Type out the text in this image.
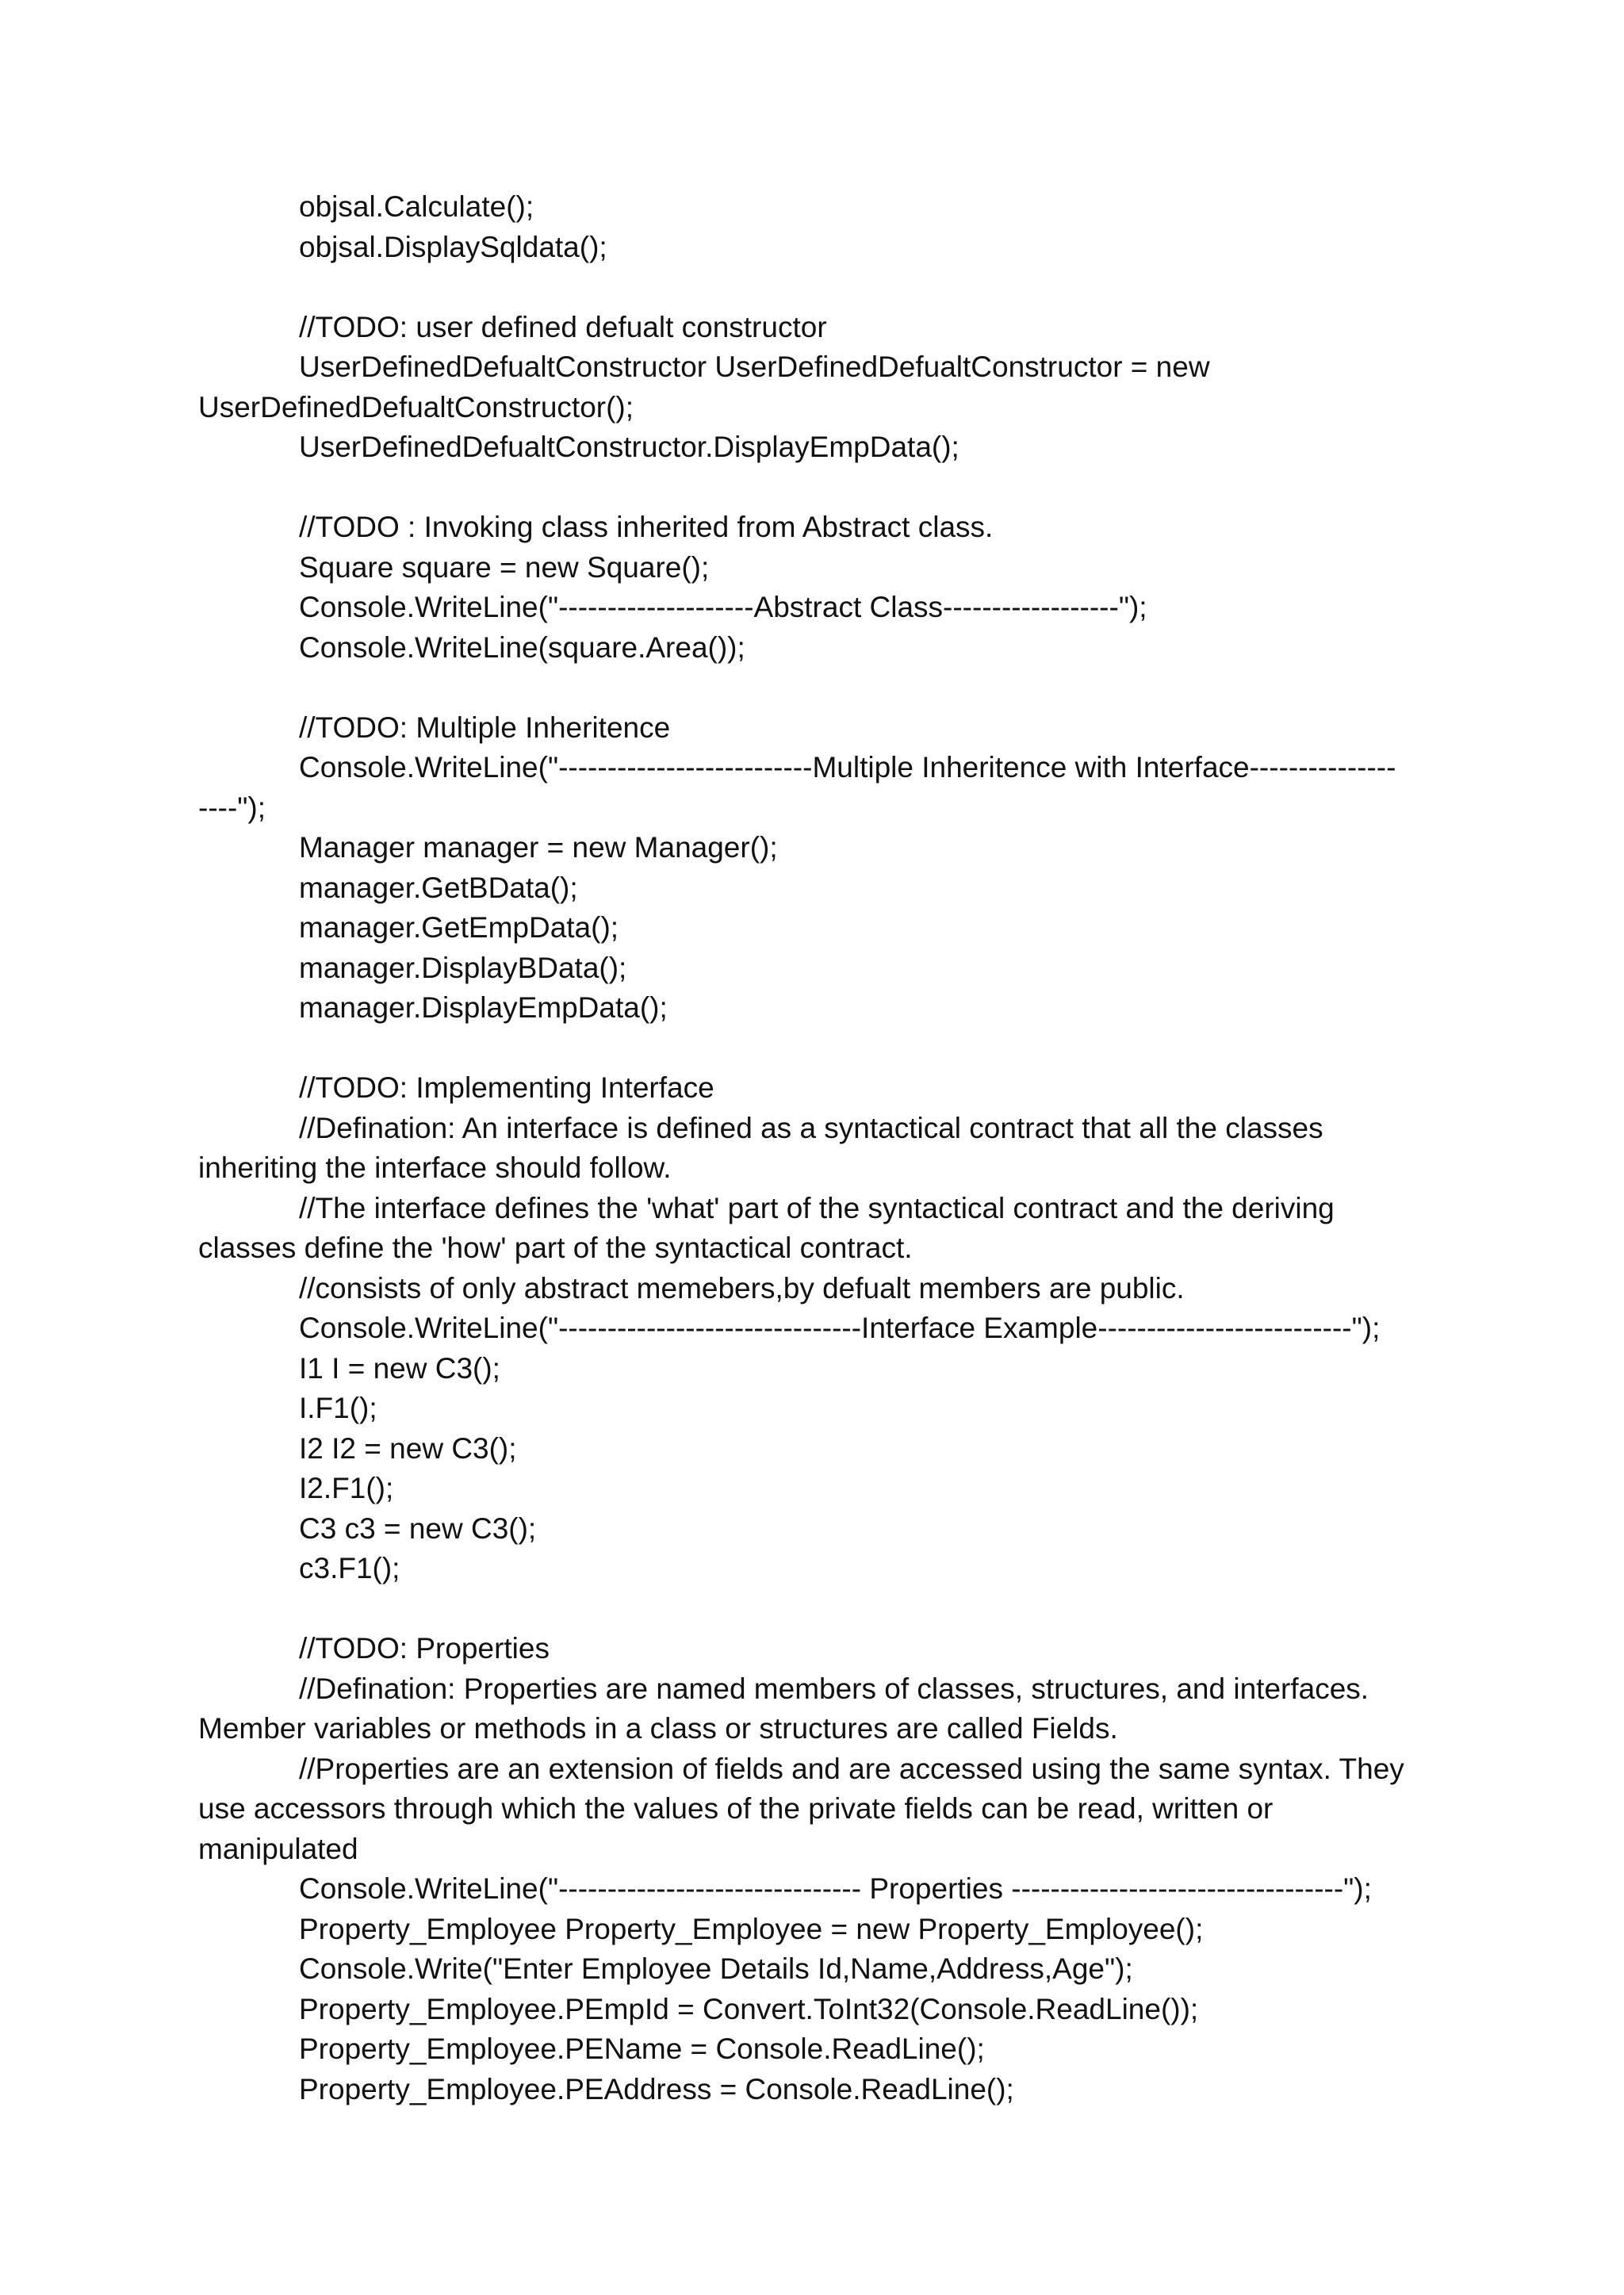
objsal.Calculate();
objsal.DisplaySqldata();
//TODO: user defined defualt constructor
UserDefinedDefualtConstructor UserDefinedDefualtConstructor = new
UserDefinedDefualtConstructor();
UserDefinedDefualtConstructor.DisplayEmpData();
//TODO : Invoking class inherited from Abstract class.
Square square = new Square();
Console.WriteLine("--------------------Abstract Class------------------");
Console.WriteLine(square.Area());
//TODO: Multiple Inheritence
Console.WriteLine("--------------------------Multiple Inheritence with Interface---------------
----");
Manager manager = new Manager();
manager.GetBData();
manager.GetEmpData();
manager.DisplayBData();
manager.DisplayEmpData();
//TODO: Implementing Interface
//Defination: An interface is defined as a syntactical contract that all the classes
inheriting the interface should follow.
//The interface defines the 'what' part of the syntactical contract and the deriving
classes define the 'how' part of the syntactical contract.
//consists of only abstract memebers,by defualt members are public.
Console.WriteLine("-------------------------------Interface Example--------------------------");
I1 I = new C3();
I.F1();
I2 I2 = new C3();
I2.F1();
C3 c3 = new C3();
c3.F1();
//TODO: Properties
//Defination: Properties are named members of classes, structures, and interfaces.
Member variables or methods in a class or structures are called Fields.
//Properties are an extension of fields and are accessed using the same syntax. They
use accessors through which the values of the private fields can be read, written or
manipulated
Console.WriteLine("------------------------------- Properties ----------------------------------");
Property_Employee Property_Employee = new Property_Employee();
Console.Write("Enter Employee Details Id,Name,Address,Age");
Property_Employee.PEmpId = Convert.ToInt32(Console.ReadLine());
Property_Employee.PEName = Console.ReadLine();
Property_Employee.PEAddress = Console.ReadLine();
